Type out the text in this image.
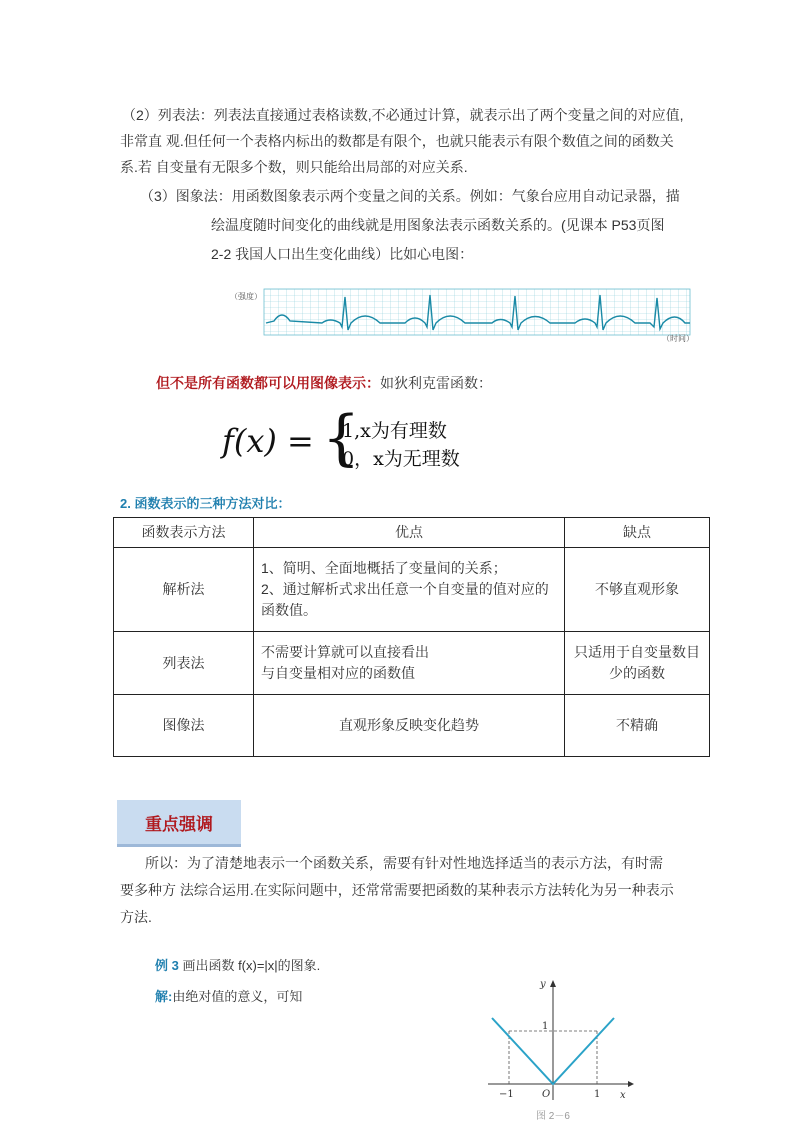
（2）列表法：列表法直接通过表格读数,不必通过计算，就表示出了两个变量之间的对应值,
非常直 观.但任何一个表格内标出的数都是有限个，也就只能表示有限个数值之间的函数关
系.若 自变量有无限多个数，则只能给出局部的对应关系.
（3）图象法：用函数图象表示两个变量之间的关系。例如：气象台应用自动记录器，描
绘温度随时间变化的曲线就是用图象法表示函数关系的。(见课本 P53页图
2-2 我国人口出生变化曲线）比如心电图：
（强度）
（时间）
但不是所有函数都可以用图像表示：如狄利克雷函数：
f(x) = {
1,x为有理数
0，x为无理数
2. 函数表示的三种方法对比：
函数表示方法	优点	缺点
解析法	1、简明、全面地概括了变量间的关系；
2、通过解析式求出任意一个自变量的值对应的函数值。	不够直观形象
列表法	不需要计算就可以直接看出
与自变量相对应的函数值	只适用于自变量数目少的函数
图像法	直观形象反映变化趋势	不精确
重点强调
所以：为了清楚地表示一个函数关系，需要有针对性地选择适当的表示方法，有时需
要多种方 法综合运用.在实际问题中，还常常需要把函数的某种表示方法转化为另一种表示
方法.
例 3 画出函数 f(x)=|x|的图象.
解:由绝对值的意义，可知
y
x
1
−1	O	1
图 2－6
